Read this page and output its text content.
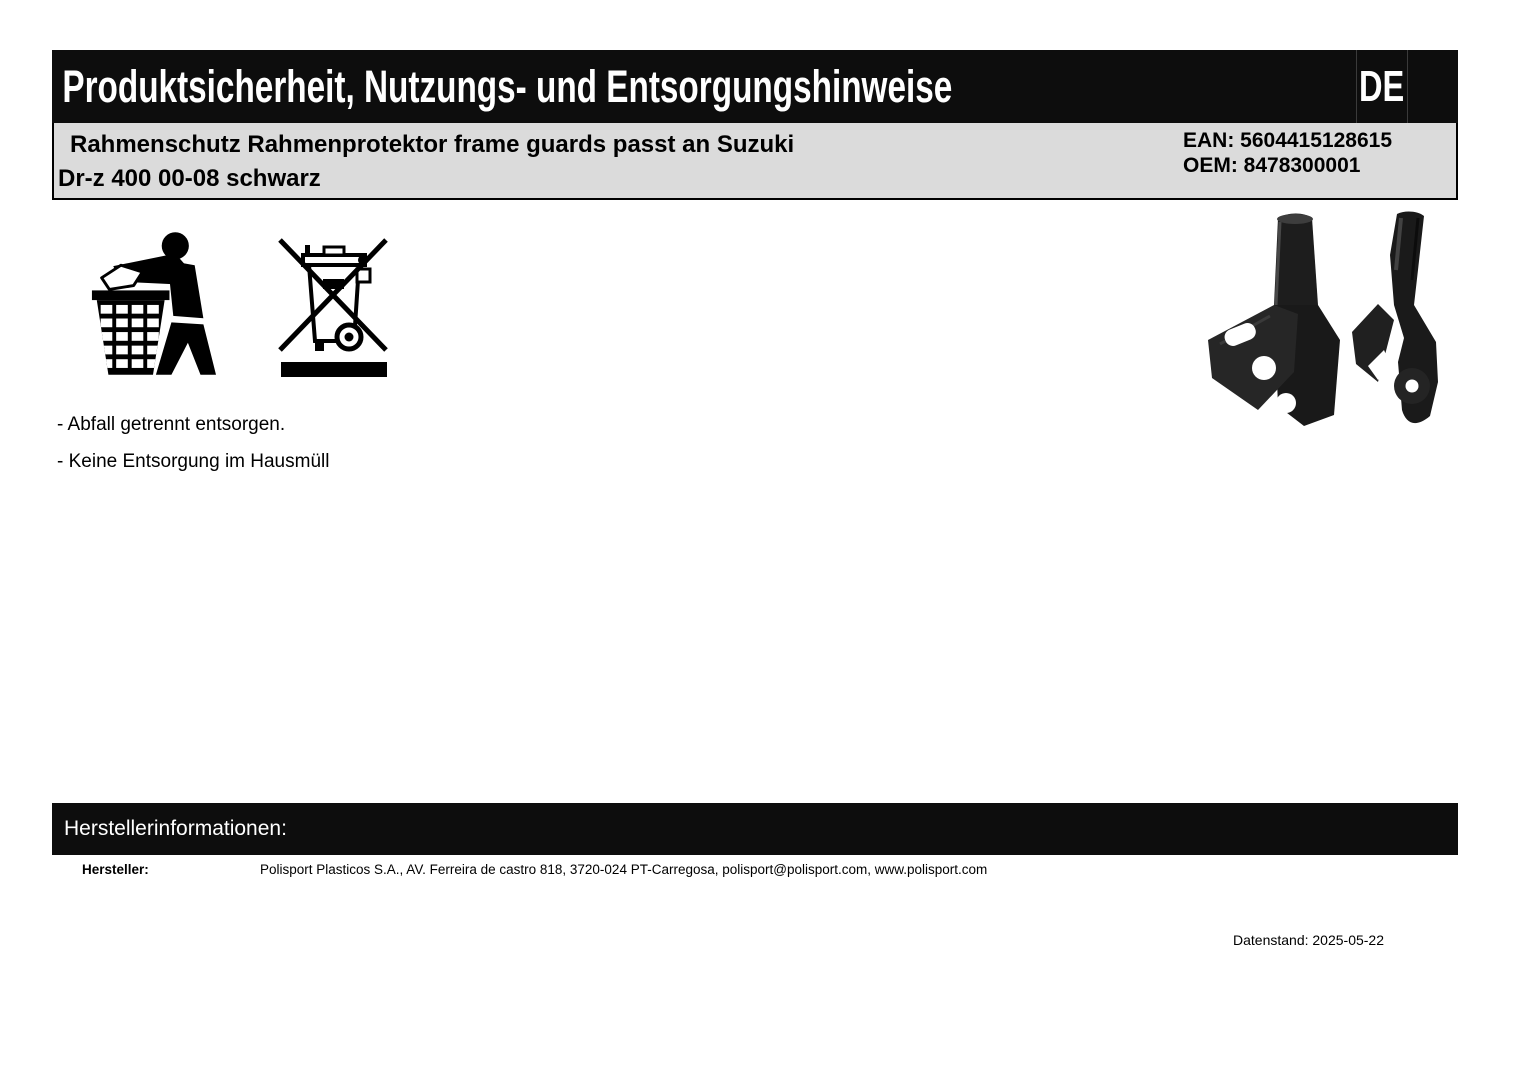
Produktsicherheit, Nutzungs- und Entsorgungshinweise	DE
Rahmenschutz Rahmenprotektor frame guards passt an Suzuki
Dr-z 400 00-08 schwarz
EAN: 5604415128615
OEM: 8478300001
- Abfall getrennt entsorgen.
- Keine Entsorgung im Hausmüll
Herstellerinformationen:
Hersteller:	Polisport Plasticos S.A., AV. Ferreira de castro 818, 3720-024 PT-Carregosa, polisport@polisport.com, www.polisport.com
Datenstand: 2025-05-22
